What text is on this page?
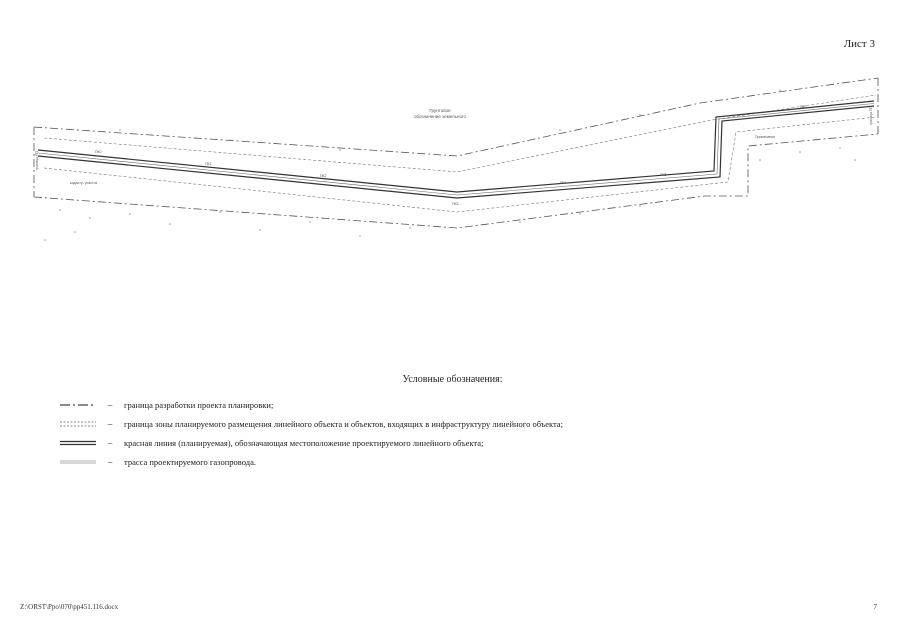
Лист 3
Грунтовое
обозначение земельного
граница ПП
граница ПП
кадастр. участок
Примечание
ПК0
ПК1
ПК2
ПК3
ПК4
ПК5
ПК6
Условные обозначения:
–	граница разработки проекта планировки;
–	граница зоны планируемого размещения линейного объекта и объектов, входящих в инфраструктуру линейного объекта;
–	красная линия (планируемая), обозначающая местоположение проектируемого линейного объекта;
–	трасса проектируемого газопровода.
Z:\ORST\Ppo\070\pp451.116.docx	7
